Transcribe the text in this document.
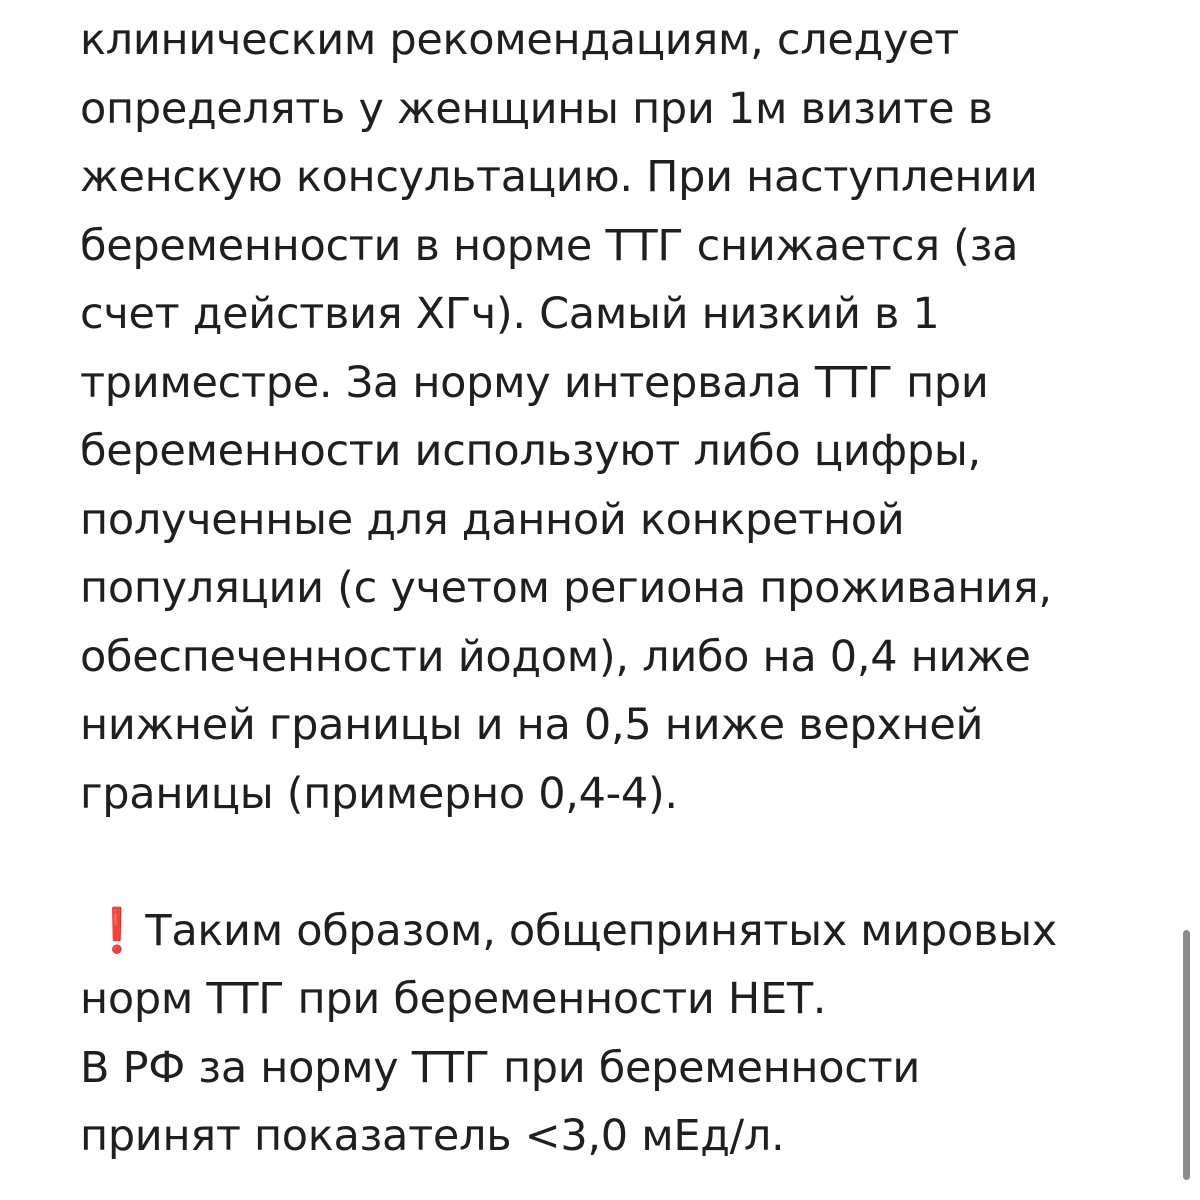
клиническим рекомендациям, следует
определять у женщины при 1м визите в
женскую консультацию. При наступлении
беременности в норме ТТГ снижается (за
счет действия ХГч). Самый низкий в 1
триместре. За норму интервала ТТГ при
беременности используют либо цифры,
полученные для данной конкретной
популяции (с учетом региона проживания,
обеспеченности йодом), либо на 0,4 ниже
нижней границы и на 0,5 ниже верхней
границы (примерно 0,4-4).
❗ Таким образом, общепринятых мировых
норм ТТГ при беременности НЕТ.
В РФ за норму ТТГ при беременности
принят показатель <3,0 мЕд/л.
